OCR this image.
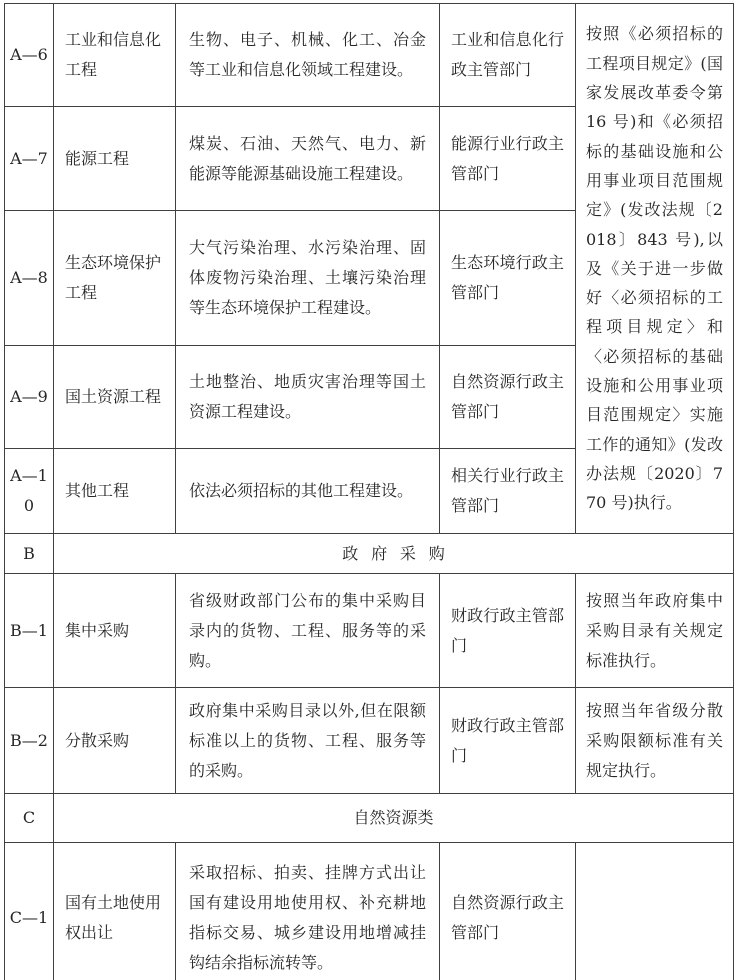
A—6	工业和信息化工程	生物、电子、机械、化工、冶金等工业和信息化领域工程建设。	工业和信息化行政主管部门	按照《必须招标的工程项目规定》(国家发展改革委令第 16 号)和《必须招标的基础设施和公用事业项目范围规定》(发改法规〔2018〕843 号),以及《关于进一步做好〈必须招标的工程项目规定〉和〈必须招标的基础设施和公用事业项目范围规定〉实施工作的通知》(发改办法规〔2020〕770 号)执行。
A—7	能源工程	煤炭、石油、天然气、电力、新能源等能源基础设施工程建设。	能源行业行政主管部门	
A—8	生态环境保护工程	大气污染治理、水污染治理、固体废物污染治理、土壤污染治理等生态环境保护工程建设。	生态环境行政主管部门	
A—9	国土资源工程	土地整治、地质灾害治理等国土资源工程建设。	自然资源行政主管部门	
A—10	其他工程	依法必须招标的其他工程建设。	相关行业行政主管部门	
B	政府采购			
B—1	集中采购	省级财政部门公布的集中采购目录内的货物、工程、服务等的采购。	财政行政主管部门	按照当年政府集中采购目录有关规定标准执行。
B—2	分散采购	政府集中采购目录以外,但在限额标准以上的货物、工程、服务等的采购。	财政行政主管部门	按照当年省级分散采购限额标准有关规定执行。
C	自然资源类			
C—1	国有土地使用权出让	采取招标、拍卖、挂牌方式出让国有建设用地使用权、补充耕地指标交易、城乡建设用地增减挂钩结余指标流转等。	自然资源行政主管部门	
